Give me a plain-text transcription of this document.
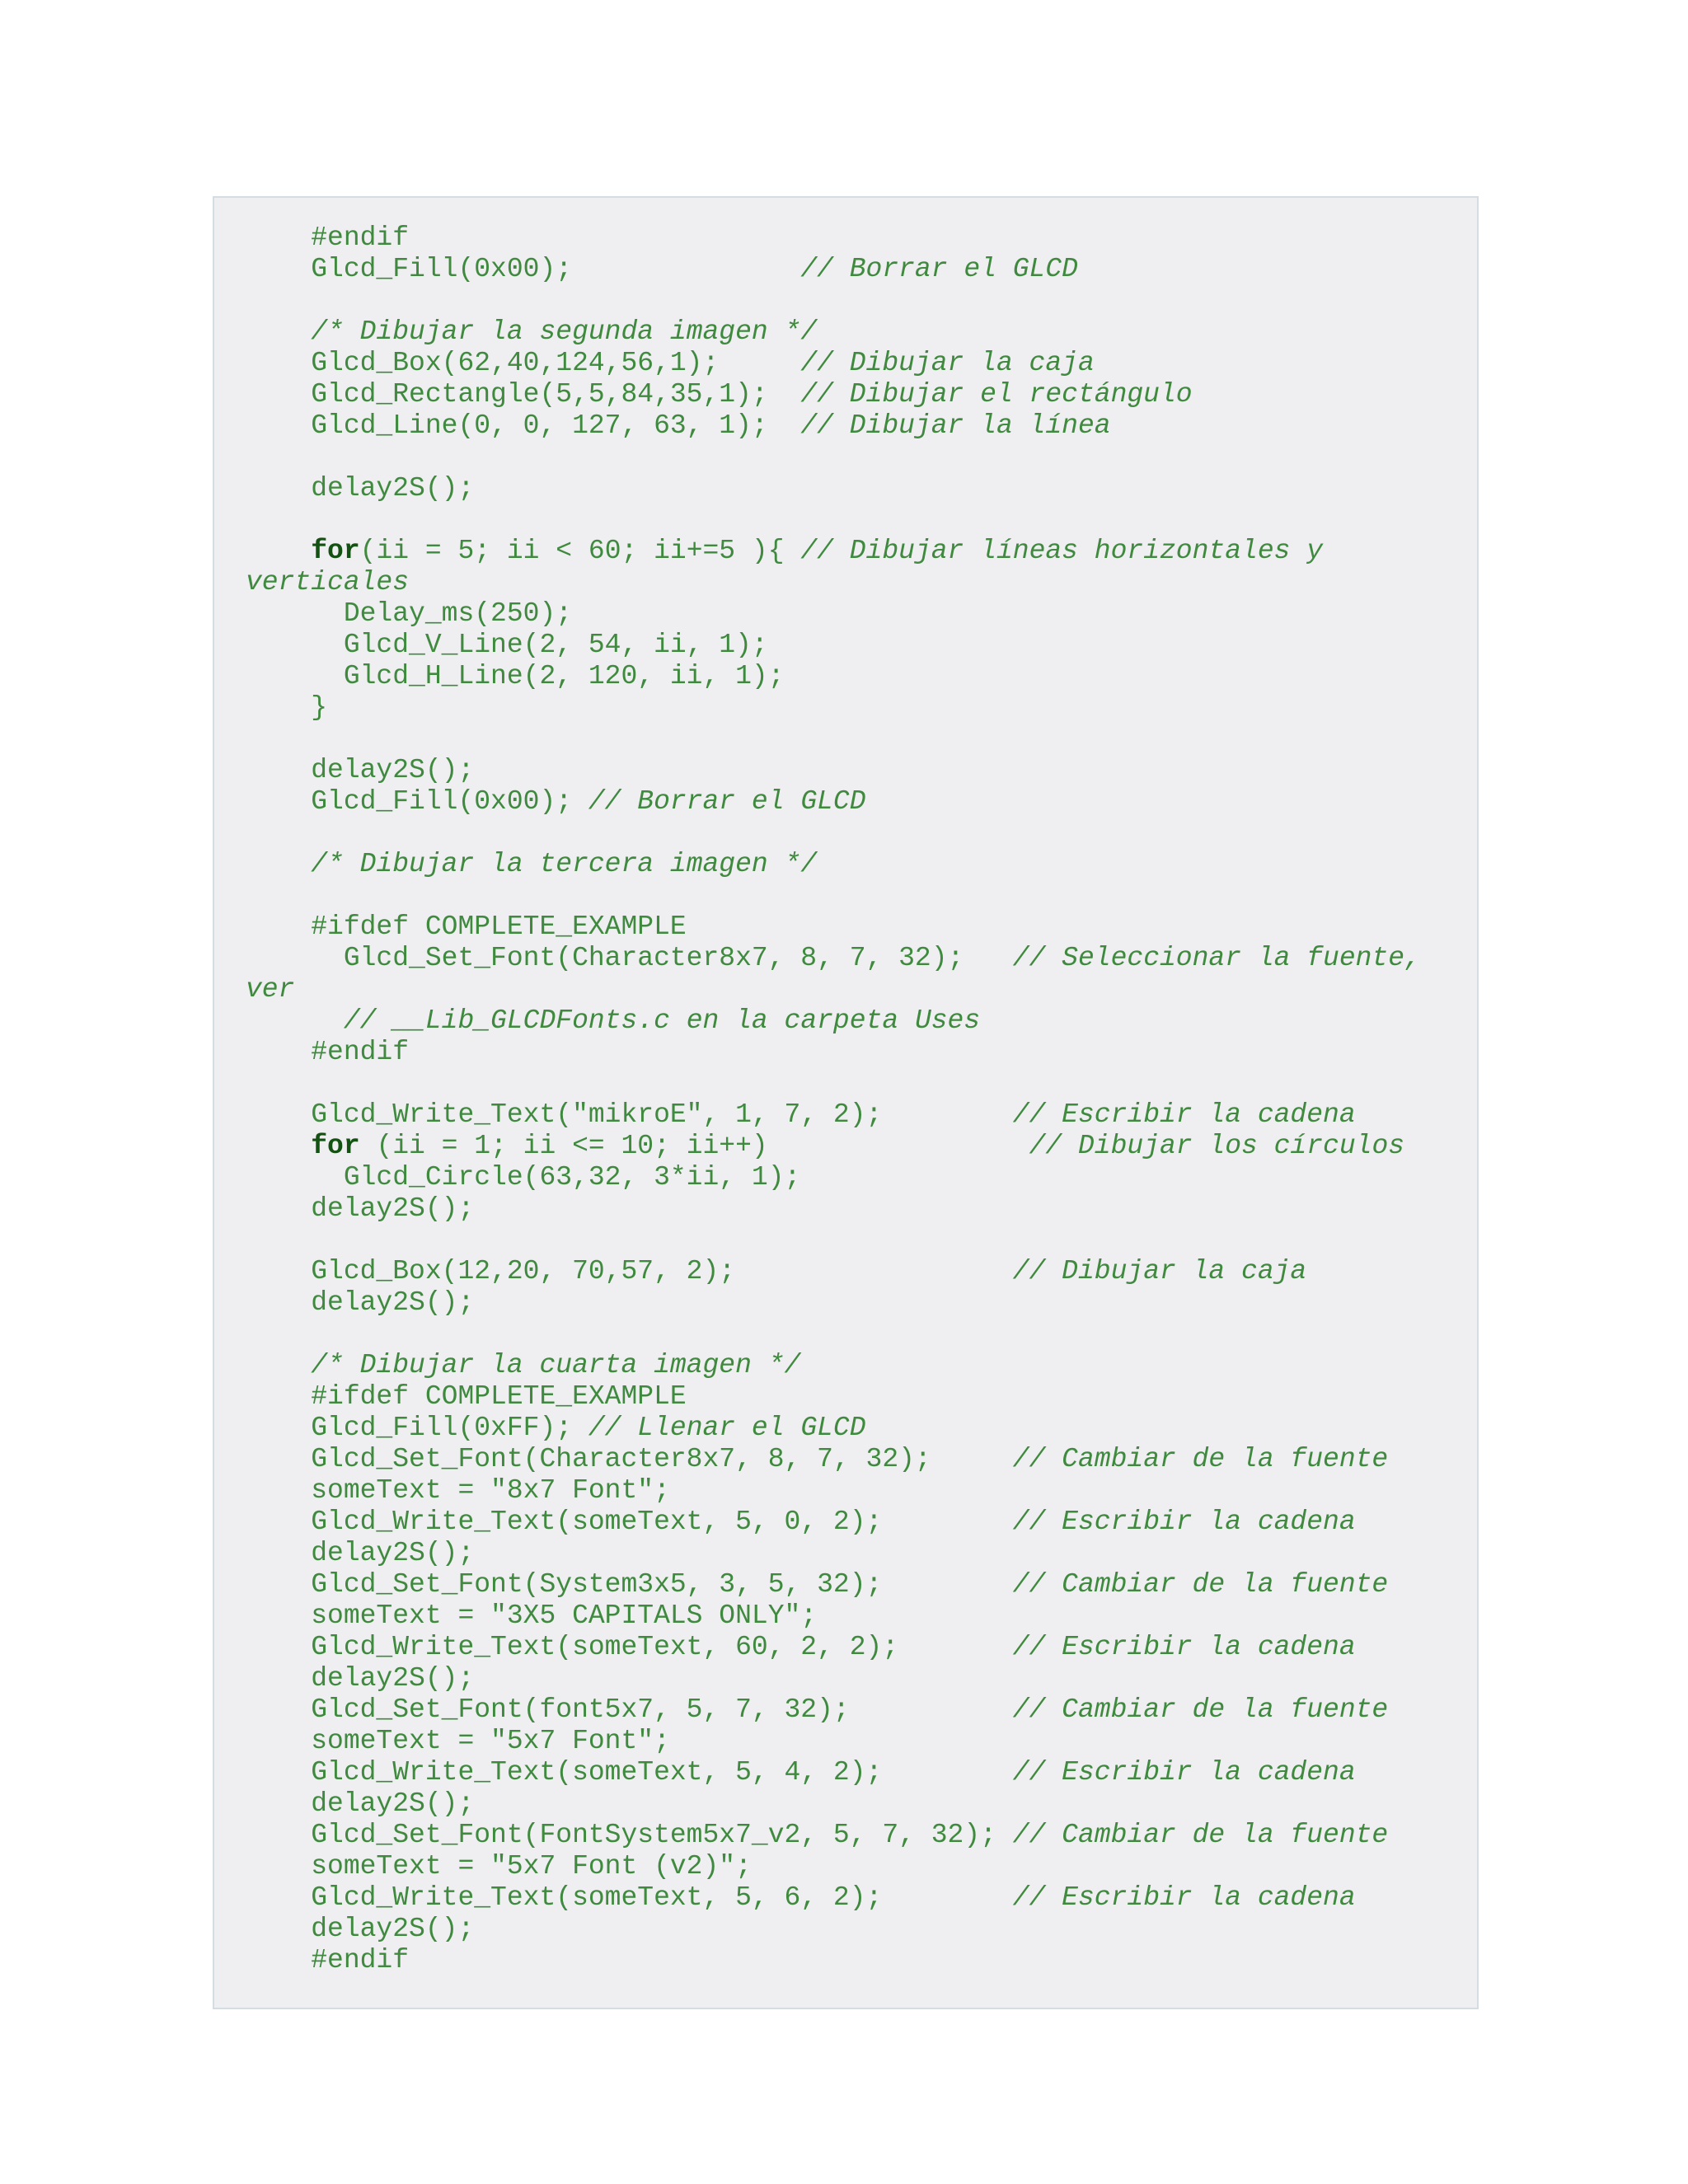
#endif
Glcd_Fill(0x00);              // Borrar el GLCD
/* Dibujar la segunda imagen */
Glcd_Box(62,40,124,56,1);     // Dibujar la caja
Glcd_Rectangle(5,5,84,35,1);  // Dibujar el rectángulo
Glcd_Line(0, 0, 127, 63, 1);  // Dibujar la línea
delay2S();
for(ii = 5; ii < 60; ii+=5 ){ // Dibujar líneas horizontales y
verticales
Delay_ms(250);
Glcd_V_Line(2, 54, ii, 1);
Glcd_H_Line(2, 120, ii, 1);
}
delay2S();
Glcd_Fill(0x00); // Borrar el GLCD
/* Dibujar la tercera imagen */
#ifdef COMPLETE_EXAMPLE
Glcd_Set_Font(Character8x7, 8, 7, 32);   // Seleccionar la fuente,
ver
// __Lib_GLCDFonts.c en la carpeta Uses
#endif
Glcd_Write_Text("mikroE", 1, 7, 2);        // Escribir la cadena
for (ii = 1; ii <= 10; ii++)                // Dibujar los círculos
Glcd_Circle(63,32, 3*ii, 1);
delay2S();
Glcd_Box(12,20, 70,57, 2);                 // Dibujar la caja
delay2S();
/* Dibujar la cuarta imagen */
#ifdef COMPLETE_EXAMPLE
Glcd_Fill(0xFF); // Llenar el GLCD
Glcd_Set_Font(Character8x7, 8, 7, 32);     // Cambiar de la fuente
someText = "8x7 Font";
Glcd_Write_Text(someText, 5, 0, 2);        // Escribir la cadena
delay2S();
Glcd_Set_Font(System3x5, 3, 5, 32);        // Cambiar de la fuente
someText = "3X5 CAPITALS ONLY";
Glcd_Write_Text(someText, 60, 2, 2);       // Escribir la cadena
delay2S();
Glcd_Set_Font(font5x7, 5, 7, 32);          // Cambiar de la fuente
someText = "5x7 Font";
Glcd_Write_Text(someText, 5, 4, 2);        // Escribir la cadena
delay2S();
Glcd_Set_Font(FontSystem5x7_v2, 5, 7, 32); // Cambiar de la fuente
someText = "5x7 Font (v2)";
Glcd_Write_Text(someText, 5, 6, 2);        // Escribir la cadena
delay2S();
#endif
